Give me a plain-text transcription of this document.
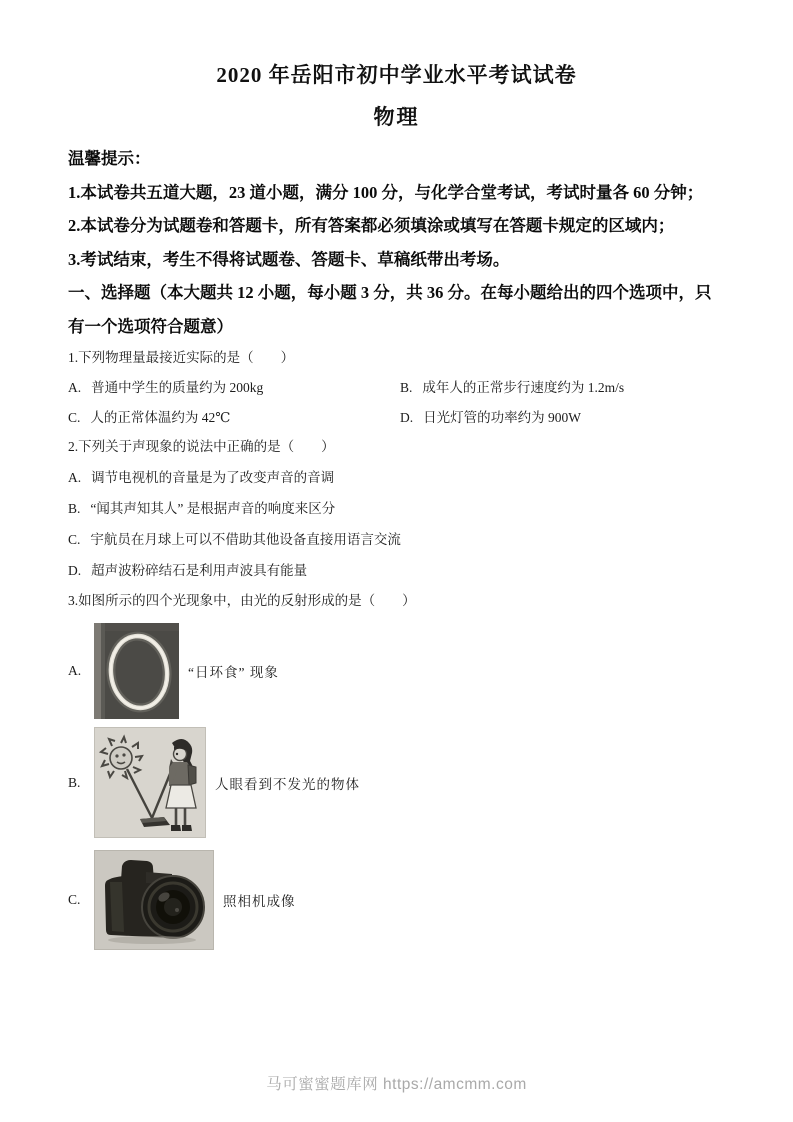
2020 年岳阳市初中学业水平考试试卷
物理
温馨提示：
1.本试卷共五道大题，23 道小题，满分 100 分，与化学合堂考试，考试时量各 60 分钟；
2.本试卷分为试题卷和答题卡，所有答案都必须填涂或填写在答题卡规定的区域内；
3.考试结束，考生不得将试题卷、答题卡、草稿纸带出考场。
一、选择题（本大题共 12 小题，每小题 3 分，共 36 分。在每小题给出的四个选项中，只有一个选项符合题意）
1.下列物理量最接近实际的是（　　）
A. 普通中学生的质量约为 200kg	B. 成年人的正常步行速度约为 1.2m/s
C. 人的正常体温约为 42℃	D. 日光灯管的功率约为 900W
2.下列关于声现象的说法中正确的是（　　）
A. 调节电视机的音量是为了改变声音的音调
B. “闻其声知其人” 是根据声音的响度来区分
C. 宇航员在月球上可以不借助其他设备直接用语言交流
D. 超声波粉碎结石是利用声波具有能量
3.如图所示的四个光现象中，由光的反射形成的是（　　）
A.	“日环食” 现象
B.	人眼看到不发光的物体
C.	照相机成像
马可蜜蜜题库网 https://amcmm.com
